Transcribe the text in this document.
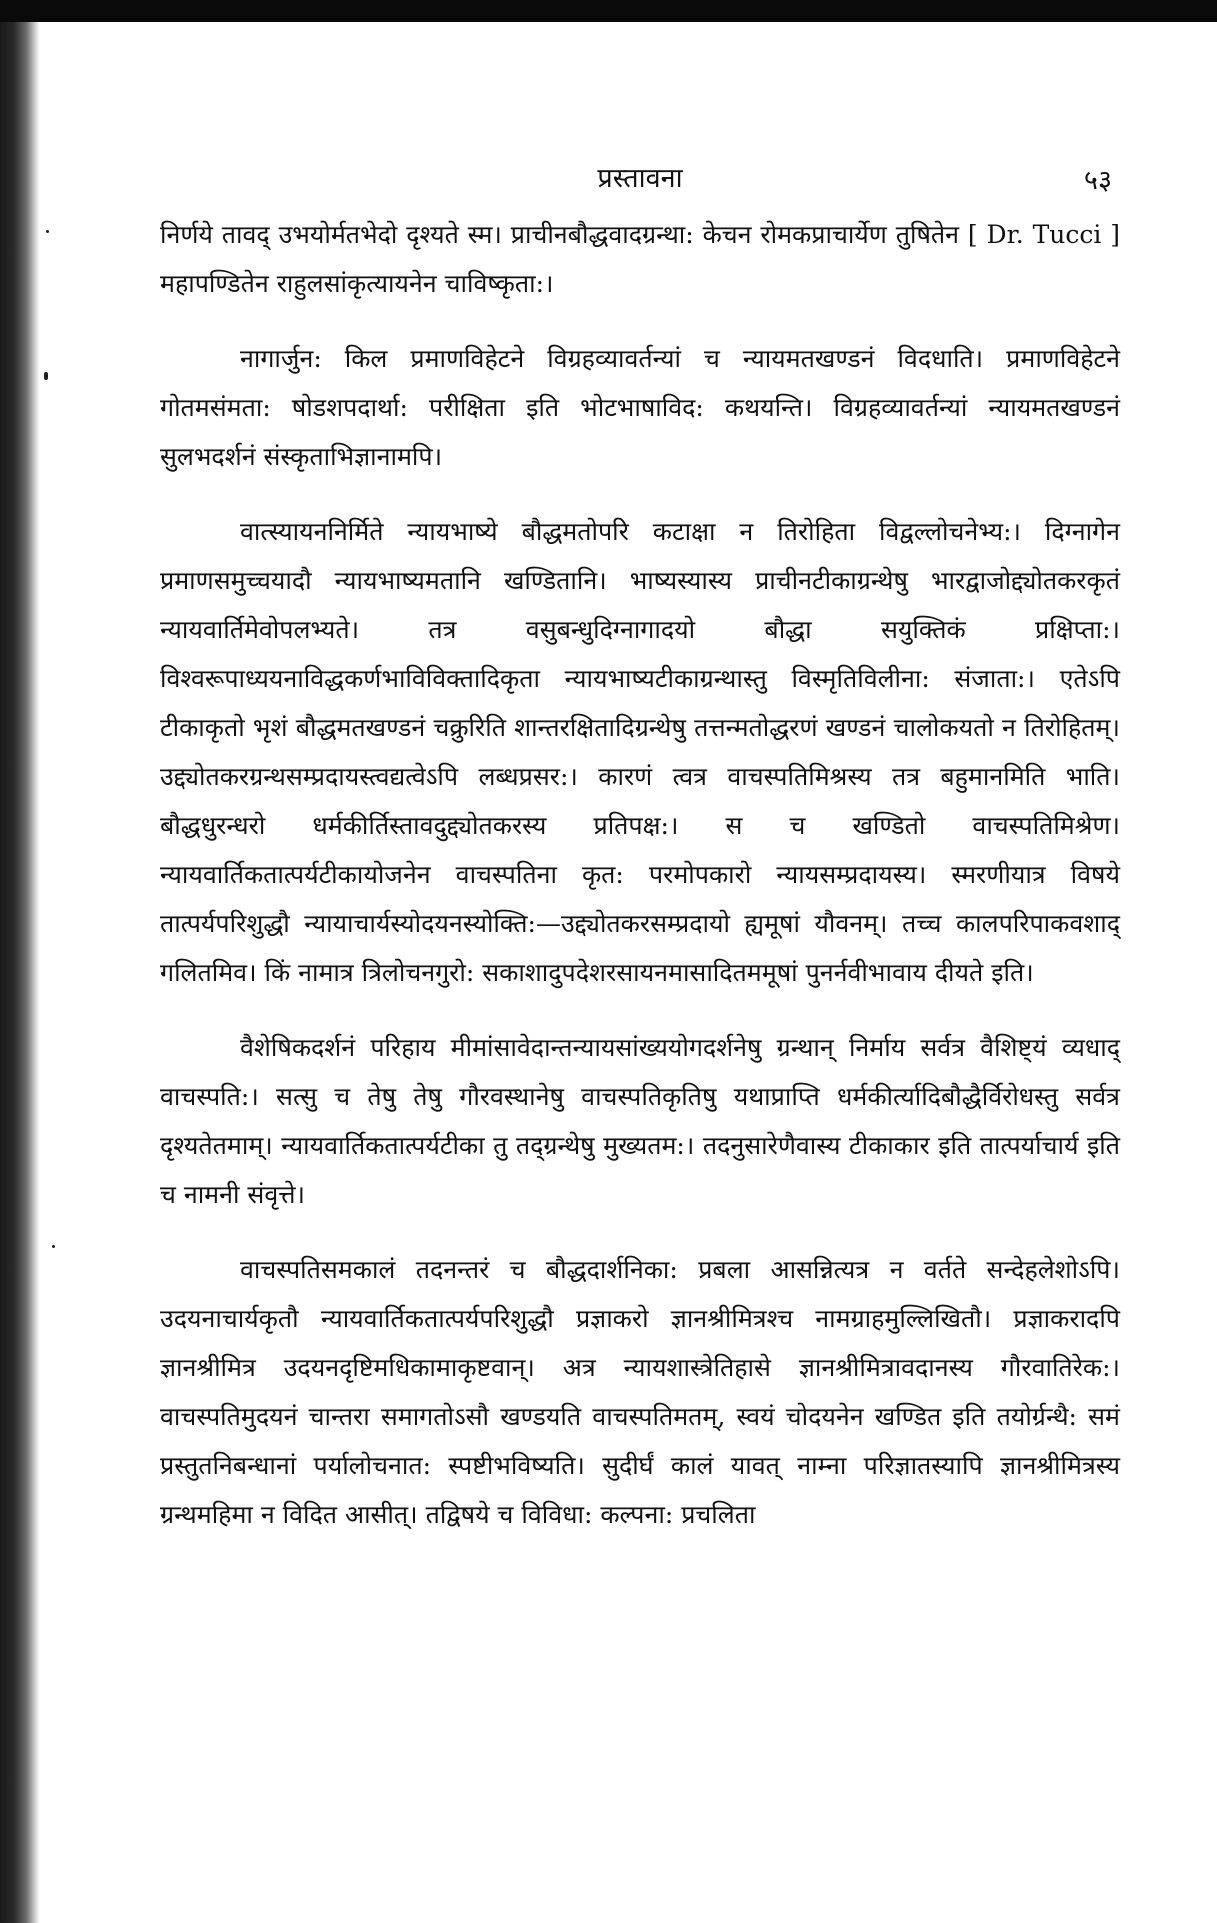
प्रस्तावना	५३

निर्णये तावद् उभयोर्मतभेदो दृश्यते स्म। प्राचीनबौद्धवादग्रन्था: केचन रोमकप्राचार्येण तुषितेन [ Dr. Tucci ] महापण्डितेन राहुलसांकृत्यायनेन चाविष्कृता:।

नागार्जुन: किल प्रमाणविहेटने विग्रहव्यावर्तन्यां च न्यायमतखण्डनं विदधाति। प्रमाणविहेटने गोतमसंमता: षोडशपदार्था: परीक्षिता इति भोटभाषाविद: कथयन्ति। विग्रहव्यावर्तन्यां न्यायमतखण्डनं सुलभदर्शनं संस्कृताभिज्ञानामपि।

वात्स्यायननिर्मिते न्यायभाष्ये बौद्धमतोपरि कटाक्षा न तिरोहिता विद्वल्लोचनेभ्य:। दिग्नागेन प्रमाणसमुच्चयादौ न्यायभाष्यमतानि खण्डितानि। भाष्यस्यास्य प्राचीनटीकाग्रन्थेषु भारद्वाजोद्द्योतकरकृतं न्यायवार्तिमेवोपलभ्यते। तत्र वसुबन्धुदिग्नागादयो बौद्धा सयुक्तिकं प्रक्षिप्ता:। विश्वरूपाध्ययनाविद्धकर्णभाविविक्तादिकृता न्यायभाष्यटीकाग्रन्थास्तु विस्मृतिविलीना: संजाता:। एतेऽपि टीकाकृतो भृशं बौद्धमतखण्डनं चक्रुरिति शान्तरक्षितादिग्रन्थेषु तत्तन्मतोद्धरणं खण्डनं चालोकयतो न तिरोहितम्। उद्द्योतकरग्रन्थसम्प्रदायस्त्वद्यत्वेऽपि लब्धप्रसर:। कारणं त्वत्र वाचस्पतिमिश्रस्य तत्र बहुमानमिति भाति। बौद्धधुरन्धरो धर्मकीर्तिस्तावदुद्द्योतकरस्य प्रतिपक्ष:। स च खण्डितो वाचस्पतिमिश्रेण। न्यायवार्तिकतात्पर्यटीकायोजनेन वाचस्पतिना कृत: परमोपकारो न्यायसम्प्रदायस्य। स्मरणीयात्र विषये तात्पर्यपरिशुद्धौ न्यायाचार्यस्योदयनस्योक्ति:—उद्द्योतकरसम्प्रदायो ह्यमूषां यौवनम्। तच्च कालपरिपाकवशाद् गलितमिव। किं नामात्र त्रिलोचनगुरो: सकाशादुपदेशरसायनमासादितममूषां पुनर्नवीभावाय दीयते इति।

वैशेषिकदर्शनं परिहाय मीमांसावेदान्तन्यायसांख्ययोगदर्शनेषु ग्रन्थान् निर्माय सर्वत्र वैशिष्ट्यं व्यधाद् वाचस्पति:। सत्सु च तेषु तेषु गौरवस्थानेषु वाचस्पतिकृतिषु यथाप्राप्ति धर्मकीर्त्यादिबौद्धैर्विरोधस्तु सर्वत्र दृश्यतेतमाम्। न्यायवार्तिकतात्पर्यटीका तु तद्ग्रन्थेषु मुख्यतम:। तदनुसारेणैवास्य टीकाकार इति तात्पर्याचार्य इति च नामनी संवृत्ते।

वाचस्पतिसमकालं तदनन्तरं च बौद्धदार्शनिका: प्रबला आसन्नित्यत्र न वर्तते सन्देहलेशोऽपि। उदयनाचार्यकृतौ न्यायवार्तिकतात्पर्यपरिशुद्धौ प्रज्ञाकरो ज्ञानश्रीमित्रश्च नामग्राहमुल्लिखितौ। प्रज्ञाकरादपि ज्ञानश्रीमित्र उदयनदृष्टिमधिकामाकृष्टवान्। अत्र न्यायशास्त्रेतिहासे ज्ञानश्रीमित्रावदानस्य गौरवातिरेक:। वाचस्पतिमुदयनं चान्तरा समागतोऽसौ खण्डयति वाचस्पतिमतम्, स्वयं चोदयनेन खण्डित इति तयोर्ग्रन्थै: समं प्रस्तुतनिबन्धानां पर्यालोचनात: स्पष्टीभविष्यति। सुदीर्घं कालं यावत् नाम्ना परिज्ञातस्यापि ज्ञानश्रीमित्रस्य ग्रन्थमहिमा न विदित आसीत्। तद्विषये च विविधा: कल्पना: प्रचलिता
